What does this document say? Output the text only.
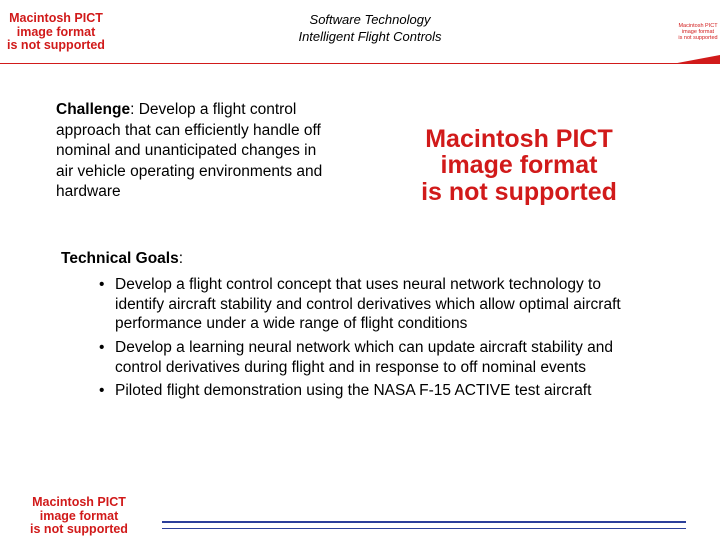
Macintosh PICT
image format
is not supported
Software Technology
Intelligent Flight Controls
Macintosh PICT
image format
is not supported
Challenge: Develop a flight control approach that can efficiently handle off nominal and unanticipated changes in air vehicle operating environments and hardware
Macintosh PICT
image format
is not supported
Technical Goals:
• Develop a flight control concept that uses neural network technology to identify aircraft stability and control derivatives which allow optimal aircraft performance under a wide range of flight conditions
• Develop a learning neural network which can update aircraft stability and control derivatives during flight and in response to off nominal events
• Piloted flight demonstration using the NASA F-15 ACTIVE test aircraft
Macintosh PICT
image format
is not supported
